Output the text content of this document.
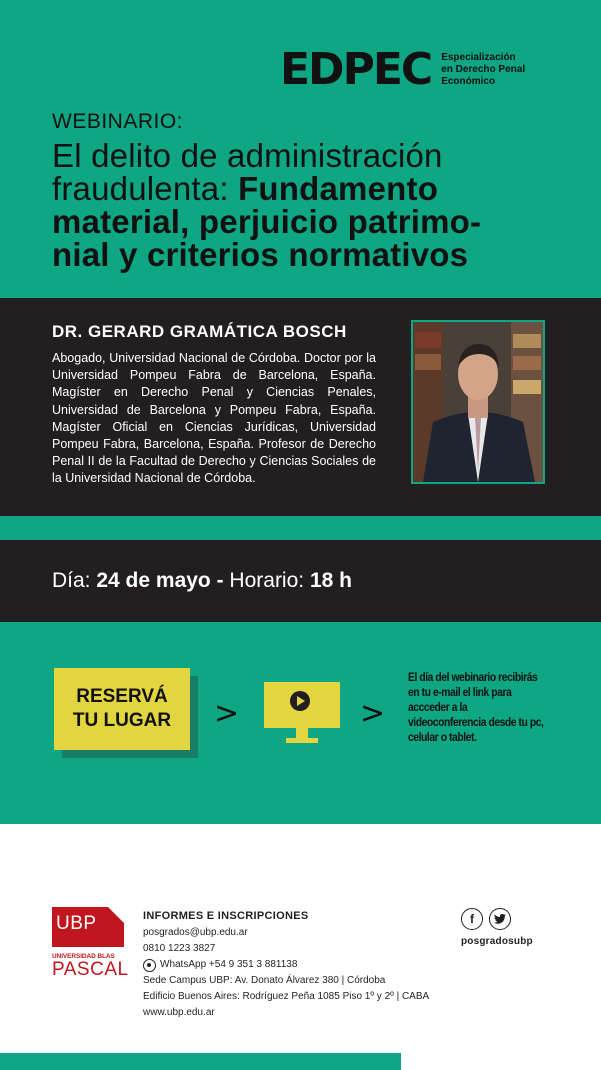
EDPEC Especialización
en Derecho Penal
Económico
WEBINARIO:
El delito de administración
fraudulenta: Fundamento
material, perjuicio patrimo-
nial y criterios normativos
DR. GERARD GRAMÁTICA BOSCH

Abogado, Universidad Nacional de Córdoba. Doctor por la Universidad Pompeu Fabra de Barcelona, España. Magíster en Derecho Penal y Ciencias Penales, Universidad de Barcelona y Pompeu Fabra, España. Magíster Oficial en Ciencias Jurídicas, Universidad Pompeu Fabra, Barcelona, España. Profesor de Derecho Penal II de la Facultad de Derecho y Ciencias Sociales de la Universidad Nacional de Córdoba.

Día: 24 de mayo - Horario: 18 h
RESERVÁ
TU LUGAR >	>
El día del webinario recibirás en tu e-mail el link para accceder a la videoconferencia desde tu pc, celular o tablet.
UBP
UNIVERSIDAD BLAS
PASCAL
INFORMES E INSCRIPCIONES
posgrados@ubp.edu.ar
0810 1223 3827
WhatsApp +54 9 351 3 881138
Sede Campus UBP: Av. Donato Álvarez 380 | Córdoba
Edificio Buenos Aires: Rodríguez Peña 1085 Piso 1º y 2º | CABA
www.ubp.edu.ar
f
posgradosubp
